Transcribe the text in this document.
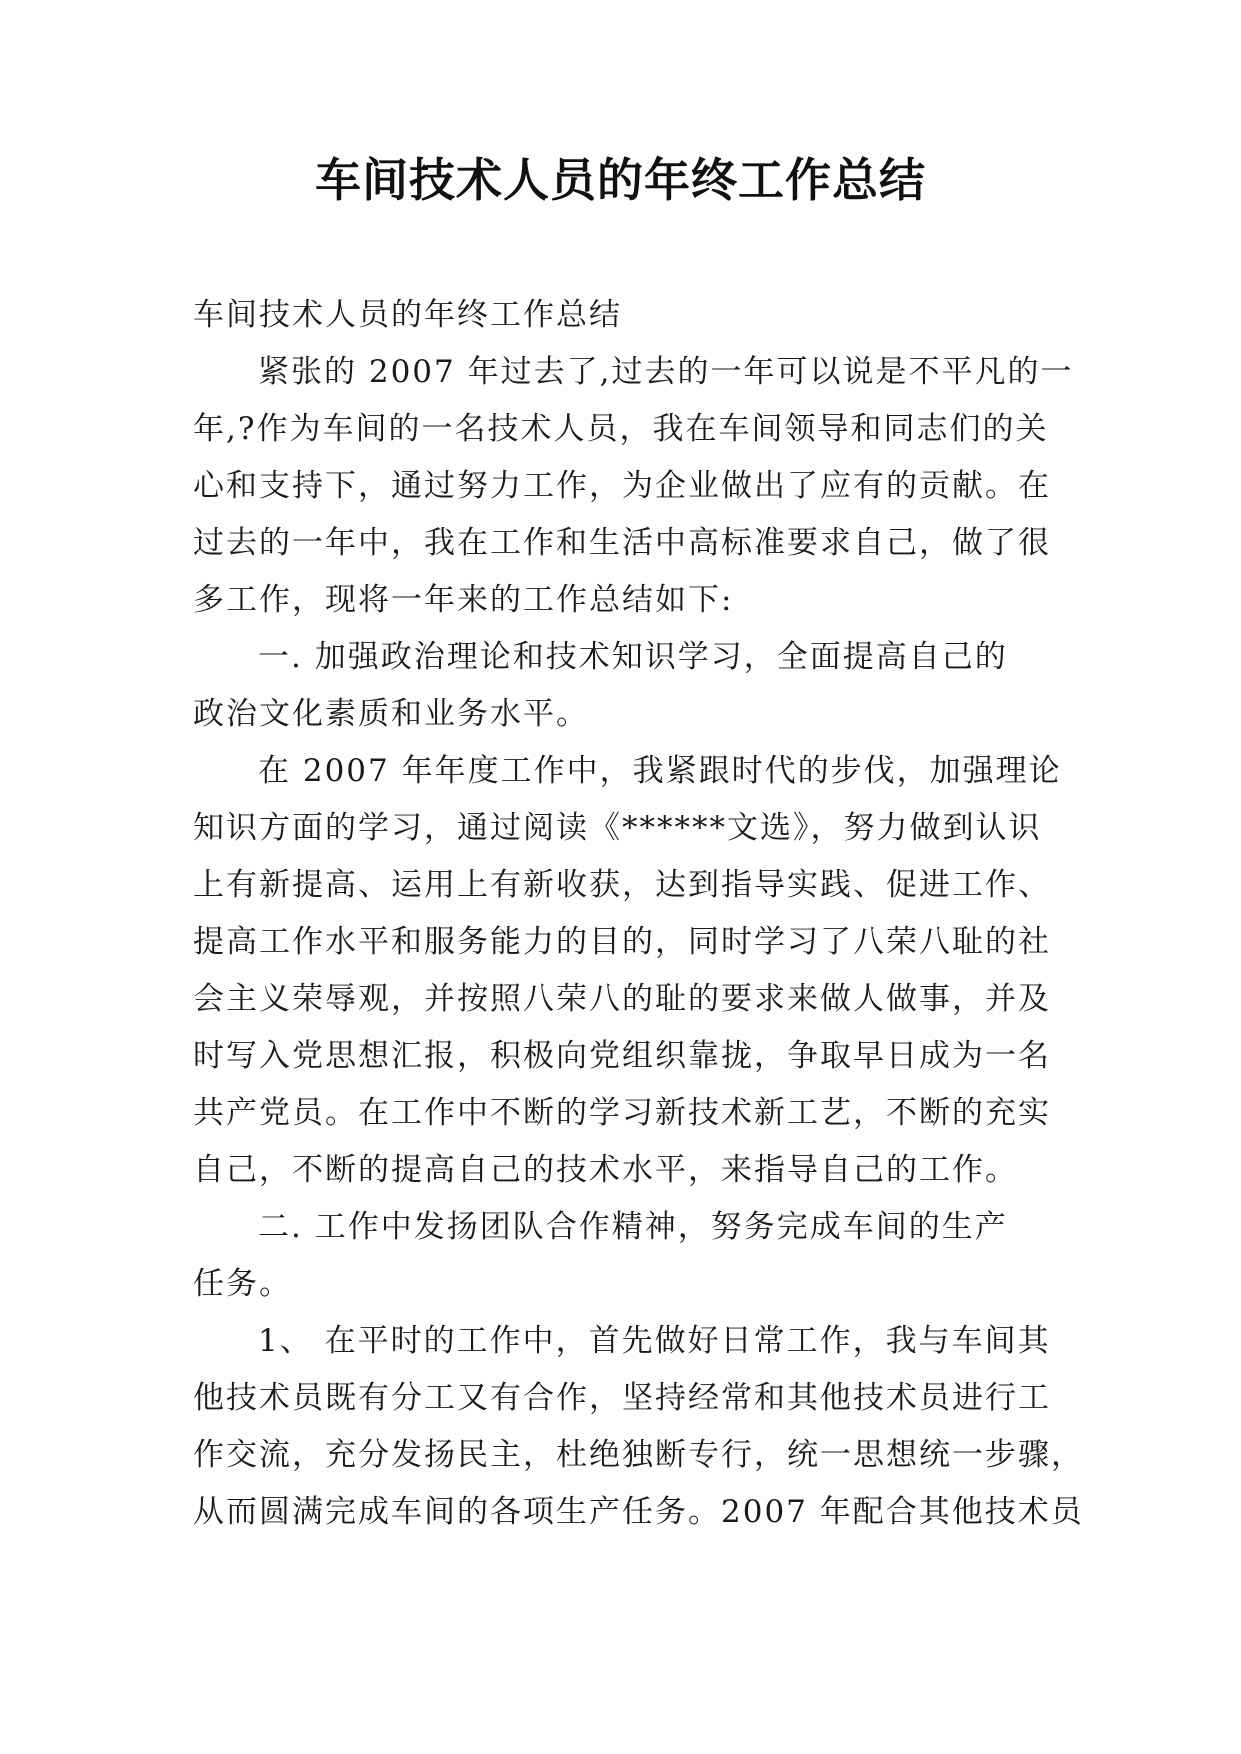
车间技术人员的年终工作总结
车间技术人员的年终工作总结
紧张的 2007 年过去了,过去的一年可以说是不平凡的一
年,?作为车间的一名技术人员，我在车间领导和同志们的关
心和支持下，通过努力工作，为企业做出了应有的贡献。在
过去的一年中，我在工作和生活中高标准要求自己，做了很
多工作，现将一年来的工作总结如下:
一. 加强政治理论和技术知识学习，全面提高自己的
政治文化素质和业务水平。
在 2007 年年度工作中，我紧跟时代的步伐，加强理论
知识方面的学习，通过阅读《******文选》，努力做到认识
上有新提高、运用上有新收获，达到指导实践、促进工作、
提高工作水平和服务能力的目的，同时学习了八荣八耻的社
会主义荣辱观，并按照八荣八的耻的要求来做人做事，并及
时写入党思想汇报，积极向党组织靠拢，争取早日成为一名
共产党员。在工作中不断的学习新技术新工艺，不断的充实
自己，不断的提高自己的技术水平，来指导自己的工作。
二. 工作中发扬团队合作精神，努务完成车间的生产
任务。
1、 在平时的工作中，首先做好日常工作，我与车间其
他技术员既有分工又有合作，坚持经常和其他技术员进行工
作交流，充分发扬民主，杜绝独断专行，统一思想统一步骤，
从而圆满完成车间的各项生产任务。2007 年配合其他技术员
